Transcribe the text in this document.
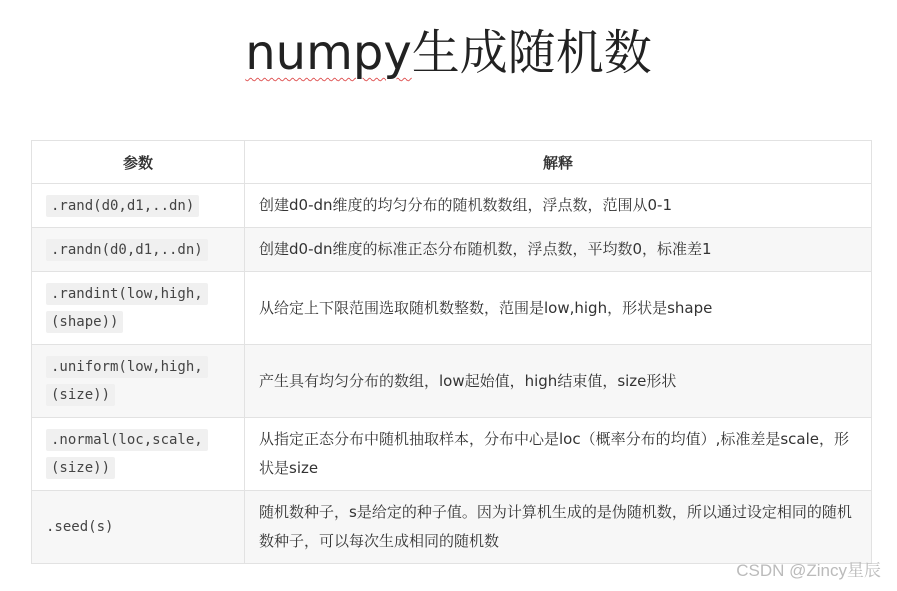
numpy生成随机数
参数	解释

.rand(d0,d1,..dn)	创建d0-dn维度的均匀分布的随机数数组，浮点数，范围从0-1

.randn(d0,d1,..dn)	创建d0-dn维度的标准正态分布随机数，浮点数，平均数0，标准差1

.randint(low,high,(shape))	从给定上下限范围选取随机数整数，范围是low,high，形状是shape

.uniform(low,high,(size))	产生具有均匀分布的数组，low起始值，high结束值，size形状

.normal(loc,scale,(size))	从指定正态分布中随机抽取样本，分布中心是loc（概率分布的均值）,标准差是scale，形状是size

.seed(s)	随机数种子，s是给定的种子值。因为计算机生成的是伪随机数，所以通过设定相同的随机数种子，可以每次生成相同的随机数
CSDN @Zincy星辰
